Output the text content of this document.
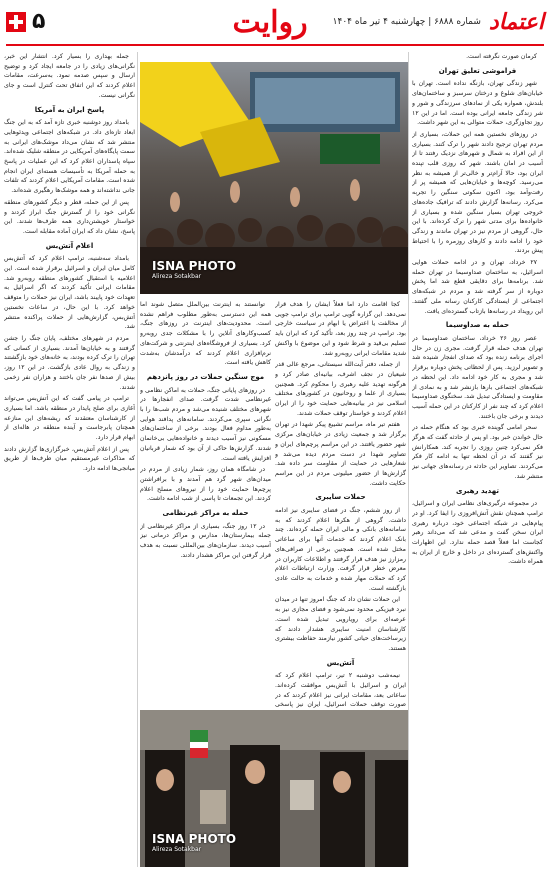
۵	روایت	اعتماد
شماره ۶۸۸۸ | چهارشنبه ۴ تیر ماه ۱۴۰۴

کرمان صورت نگرفته است.

فراموشی تعلیق تهران

شهر زندگی تهران، بازنگه نداده است. تهران با خیابان‌های شلوغ و درختان سرسبز و ساختمان‌های بلندش، همواره یکی از نمادهای سرزندگی و شور و شر زندگی جامعه ایرانی بوده است. اما در این ۱۲ روز تجاوزگری، حملات متوالی به این شهر داشت.

در روزهای نخستین همه این حملات، بسیاری از مردم تهران ترجیح دادند شهر را ترک کنند. بسیاری از این افراد به شمال و شهرهای نزدیک رفتند تا از آسیب در امان باشند. شهر که روزی قلب تپنده ایران بود، حالا آرام‌تر و خالی‌تر از همیشه به نظر می‌رسید. کوچه‌ها و خیابان‌هایی که همیشه پر از رفت‌وآمد بود، اکنون سکوتی سنگین را تجربه می‌کرد. رسانه‌ها گزارش دادند که ترافیک جاده‌های خروجی تهران بسیار سنگین شده و بسیاری از خانواده‌ها برای مدتی شهر را ترک کرده‌اند. با این حال، گروهی از مردم نیز در تهران ماندند و زندگی خود را ادامه دادند و کارهای روزمره را با احتیاط پیش بردند.

۲۷ خرداد، تهران و در ادامه حملات هوایی اسرائیل، به ساختمان صداوسیما در تهران حمله شد. برنامه‌ها برای دقایقی قطع شد اما پخش دوباره از سر گرفته شد و مردم در شبکه‌های اجتماعی از ایستادگی کارکنان رسانه ملی گفتند. این رویداد در رسانه‌ها بازتاب گسترده‌ای یافت.

حمله به صداوسیما

عصر روز ۲۶ خرداد، ساختمان صداوسیما در تهران هدف حمله قرار گرفت. مجری زن در حال اجرای برنامه زنده بود که صدای انفجار شنیده شد و تصویر لرزید. پس از لحظاتی پخش دوباره برقرار شد و مجری به کار خود ادامه داد. این لحظه در شبکه‌های اجتماعی بارها بازنشر شد و به نمادی از مقاومت و ایستادگی تبدیل شد. سخنگوی صداوسیما اعلام کرد که چند نفر از کارکنان در این حمله آسیب دیدند و برخی جان باختند.

سحر امامی گوینده خبری بود که هنگام حمله در حال خواندن خبر بود. او پس از حادثه گفت که هرگز فکر نمی‌کرد چنین روزی را تجربه کند. همکارانش نیز گفتند که در آن لحظه تنها به ادامه کار فکر می‌کردند. تصاویر این حادثه در رسانه‌های جهانی نیز منتشر شد.

تهدید رهبری

در مجموعه درگیری‌های نظامی ایران و اسرائیل، ترامپ همچنان نقش آتش‌افروزی را ایفا کرد. او در پیام‌هایی در شبکه اجتماعی خود، درباره رهبری ایران سخن گفت و مدعی شد که می‌داند رهبر کجاست اما فعلاً قصد حمله ندارد. این اظهارات واکنش‌های گسترده‌ای در داخل و خارج از ایران به همراه داشت.

ISNA PHOTO
Alireza Sotakbar

کجا اقامت دارد اما فعلاً ایشان را هدف قرار نمی‌دهد. این گزاره گویی ترامپ برای ترامپ جویی از مخالفت یا اعتراض یا ابهام در سیاست خارجی بود. ترامپ در چند روز بعد، تأکید کرد که ایران باید تسلیم بی‌قید و شرط شود و این موضوع با واکنش شدید مقامات ایرانی روبه‌رو شد.

از جمله، دفتر آیت‌الله سیستانی، مرجع عالی قدر شیعیان در نجف اشرف، بیانیه‌ای صادر کرد و هرگونه تهدید علیه رهبری را محکوم کرد. همچنین بسیاری از علما و روحانیون در کشورهای مختلف اسلامی نیز در بیانیه‌هایی حمایت خود را از ایران اعلام کردند و خواستار توقف حملات شدند.

هفتم تیر ماه، مراسم تشییع پیکر شهدا در تهران برگزار شد و جمعیت زیادی در خیابان‌های مرکزی شهر حضور یافتند. در این مراسم پرچم‌های ایران و تصاویر شهدا در دست مردم دیده می‌شد و شعارهایی در حمایت از مقاومت سر داده شد. گزارش‌ها از حضور میلیونی مردم در این مراسم حکایت داشت.

حملات سایبری

از روز ششم، جنگ در فضای سایبری نیز ادامه داشت. گروهی از هکرها اعلام کردند که به سامانه‌های بانکی و مالی ایران حمله کرده‌اند. چند بانک اعلام کردند که خدمات آنها برای ساعاتی مختل شده است. همچنین برخی از صرافی‌های رمزارز نیز هدف قرار گرفتند و اطلاعات کاربران در معرض خطر قرار گرفت. وزارت ارتباطات اعلام کرد که حملات مهار شده و خدمات به حالت عادی بازگشته است.

این حملات نشان داد که جنگ امروز تنها در میدان نبرد فیزیکی محدود نمی‌شود و فضای مجازی نیز به عرصه‌ای برای رویارویی تبدیل شده است. کارشناسان امنیت سایبری هشدار دادند که زیرساخت‌های حیاتی کشور نیازمند حفاظت بیشتری هستند.

آتش‌بس

نیمه‌شب دوشنبه ۲ تیر، ترامپ اعلام کرد که ایران و اسرائیل با آتش‌بس موافقت کرده‌اند. ساعاتی بعد، مقامات ایرانی نیز اعلام کردند که در صورت توقف حملات اسرائیل، ایران نیز پاسخی

توانستند به اینترنت بین‌الملل متصل شوند اما همه این دسترسی به‌طور مطلوب فراهم نشده است. محدودیت‌های اینترنت در روزهای جنگ، کسب‌وکارهای آنلاین را با مشکلات جدی روبه‌رو کرد. بسیاری از فروشگاه‌های اینترنتی و شرکت‌های نرم‌افزاری اعلام کردند که درآمدشان به‌شدت کاهش یافته است.

موج سنگین حملات در روز پانزدهم

در روزهای پایانی جنگ، حملات به اماکن نظامی و غیرنظامی شدت گرفت. صدای انفجارها در شهرهای مختلف شنیده می‌شد و مردم شب‌ها را با نگرانی سپری می‌کردند. سامانه‌های پدافند هوایی به‌طور مداوم فعال بودند. برخی از ساختمان‌های مسکونی نیز آسیب دیدند و خانواده‌هایی بی‌خانمان شدند. گزارش‌ها حاکی از آن بود که شمار قربانیان افزایش یافته است.

در شامگاه همان روز، شمار زیادی از مردم در میدان‌های شهر گرد هم آمدند و با برافراشتن پرچم‌ها حمایت خود را از نیروهای مسلح اعلام کردند. این تجمعات تا پاسی از شب ادامه داشت.

حمله به مراکز غیرنظامی

در ۱۲ روز جنگ، بسیاری از مراکز غیرنظامی از جمله بیمارستان‌ها، مدارس و مراکز درمانی نیز آسیب دیدند. سازمان‌های بین‌المللی نسبت به هدف قرار گرفتن این مراکز هشدار دادند.

ISNA PHOTO
Alireza Sotakbar

جمله بهداری را بسیار کرد. انتشار این خبر، نگرانی‌های زیادی را در جامعه ایجاد کرد و توضیح ارسال و سپس صدمه نمود. به‌سرعت، مقامات اعلام کردند که این اتفاق تحت کنترل است و جای نگرانی نیست.

پاسخ ایران به آمریکا

بامداد روز دوشنبه خبری تازه آمد که به این جنگ ابعاد تازه‌ای داد. در شبکه‌های اجتماعی ویدئوهایی منتشر شد که نشان می‌داد موشک‌های ایرانی به سمت پایگاه‌های آمریکایی در منطقه شلیک شده‌اند. سپاه پاسداران اعلام کرد که این عملیات در پاسخ به حمله آمریکا به تأسیسات هسته‌ای ایران انجام شده است. مقامات آمریکایی اعلام کردند که تلفات جانی نداشته‌اند و همه موشک‌ها رهگیری شده‌اند.

پس از این حمله، قطر و دیگر کشورهای منطقه نگرانی خود را از گسترش جنگ ابراز کردند و خواستار خویشتن‌داری همه طرف‌ها شدند. این پاسخ، نشان داد که ایران آماده مقابله است.

اعلام آتش‌بس

بامداد سه‌شنبه، ترامپ اعلام کرد که آتش‌بس کامل میان ایران و اسرائیل برقرار شده است. این اعلامیه با استقبال کشورهای منطقه روبه‌رو شد. مقامات ایرانی تأکید کردند که اگر اسرائیل به تعهدات خود پایبند باشد، ایران نیز حملات را متوقف خواهد کرد. با این حال، در ساعات نخستین آتش‌بس، گزارش‌هایی از حملات پراکنده منتشر شد.

مردم در شهرهای مختلف، پایان جنگ را جشن گرفتند و به خیابان‌ها آمدند. بسیاری از کسانی که تهران را ترک کرده بودند، به خانه‌های خود بازگشتند و زندگی به روال عادی بازگشت. در این ۱۲ روز، بیش از صدها نفر جان باختند و هزاران نفر زخمی شدند.

ترامپ در پیامی گفت که این آتش‌بس می‌تواند آغازی برای صلح پایدار در منطقه باشد. اما بسیاری از کارشناسان معتقدند که ریشه‌های این منازعه همچنان پابرجاست و آینده منطقه در هاله‌ای از ابهام قرار دارد.

پس از اعلام آتش‌بس، خبرگزاری‌ها گزارش دادند که مذاکرات غیرمستقیم میان طرف‌ها از طریق میانجی‌ها ادامه دارد.
